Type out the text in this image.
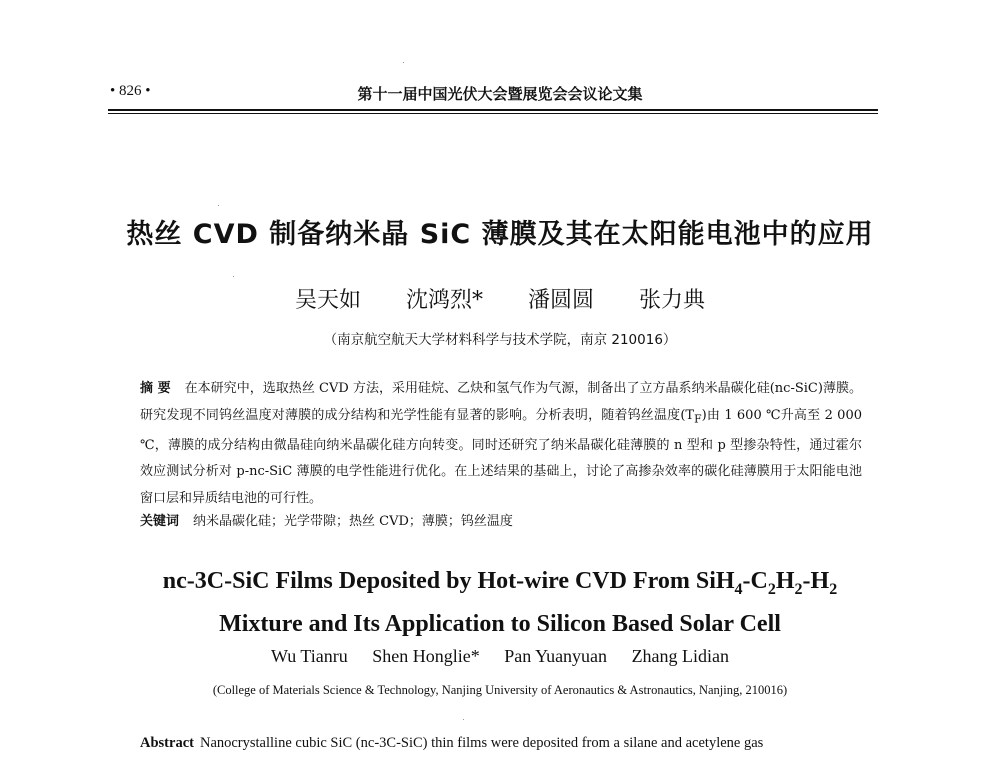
• 826 •	第十一届中国光伏大会暨展览会会议论文集
热丝 CVD 制备纳米晶 SiC 薄膜及其在太阳能电池中的应用
吴天如 沈鸿烈* 潘圆圆 张力典
（南京航空航天大学材料科学与技术学院，南京 210016）
摘 要 在本研究中，选取热丝 CVD 方法，采用硅烷、乙炔和氢气作为气源，制备出了立方晶系纳米晶碳化硅(nc-SiC)薄膜。研究发现不同钨丝温度对薄膜的成分结构和光学性能有显著的影响。分析表明，随着钨丝温度$(T_F)$由 1 600 ℃升高至 2 000 ℃，薄膜的成分结构由微晶硅向纳米晶碳化硅方向转变。同时还研究了纳米晶碳化硅薄膜的 n 型和 p 型掺杂特性，通过霍尔效应测试分析对 p-nc-SiC 薄膜的电学性能进行优化。在上述结果的基础上，讨论了高掺杂效率的碳化硅薄膜用于太阳能电池窗口层和异质结电池的可行性。
关键词 纳米晶碳化硅；光学带隙；热丝 CVD；薄膜；钨丝温度
nc-3C-SiC Films Deposited by Hot-wire CVD From $SiH_4-C_2H_2-H_2$
Mixture and Its Application to Silicon Based Solar Cell
Wu Tianru Shen Honglie* Pan Yuanyuan Zhang Lidian
(College of Materials Science & Technology, Nanjing University of Aeronautics & Astronautics, Nanjing, 210016)
Abstract Nanocrystalline cubic SiC (nc-3C-SiC) thin films were deposited from a silane and acetylene gas
